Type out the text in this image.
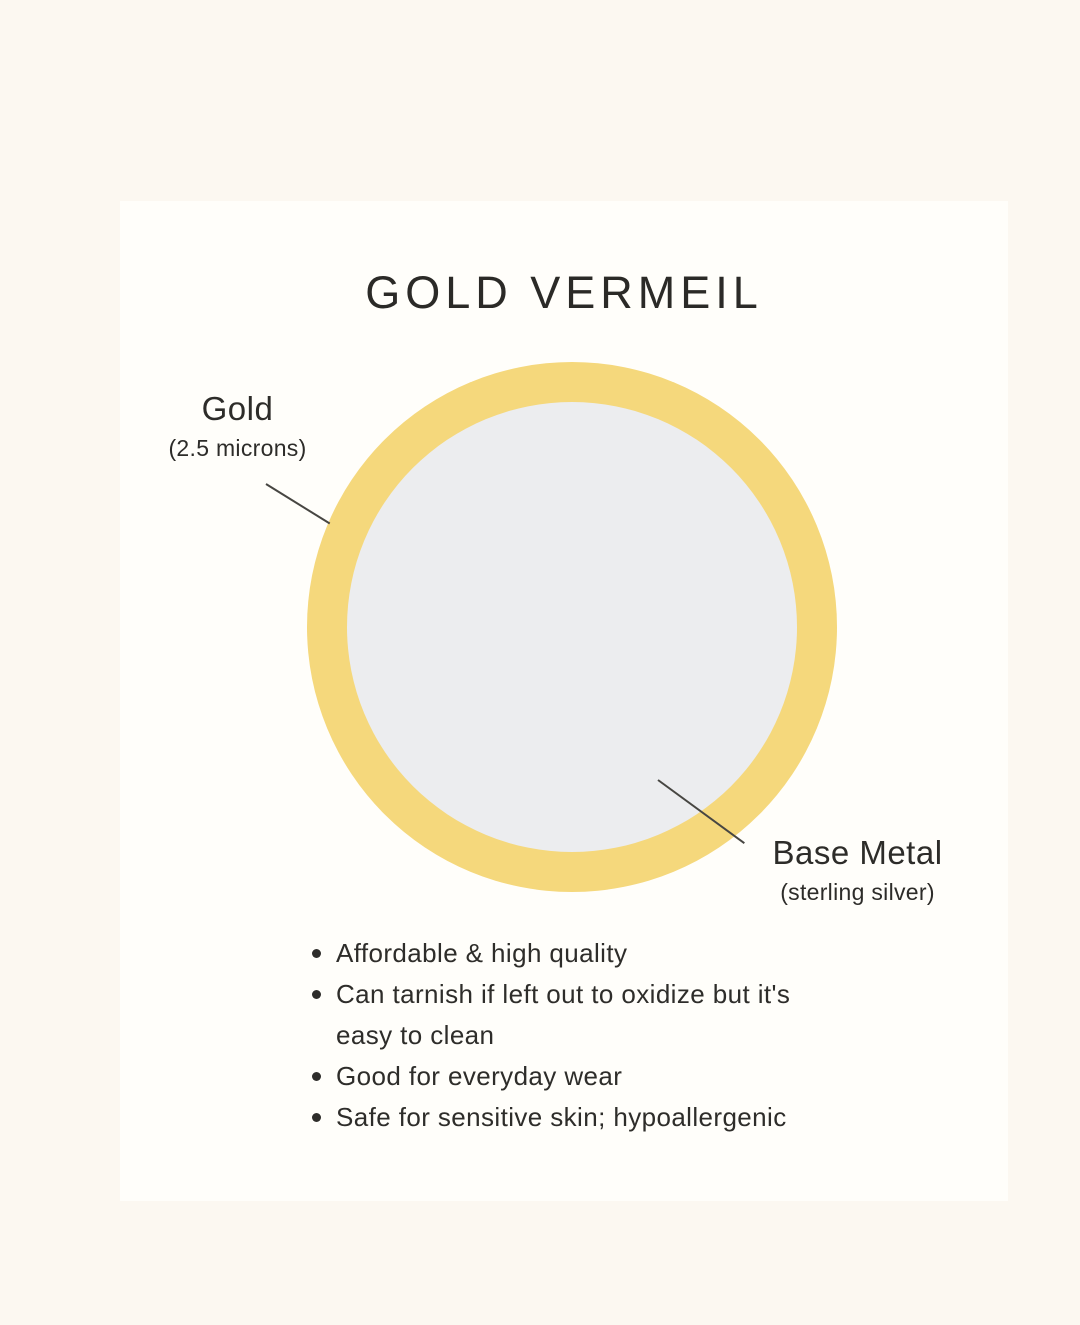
GOLD VERMEIL
Gold
(2.5 microns)
Base Metal
(sterling silver)
Affordable & high quality
Can tarnish if left out to oxidize but it's
easy to clean
Good for everyday wear
Safe for sensitive skin; hypoallergenic
